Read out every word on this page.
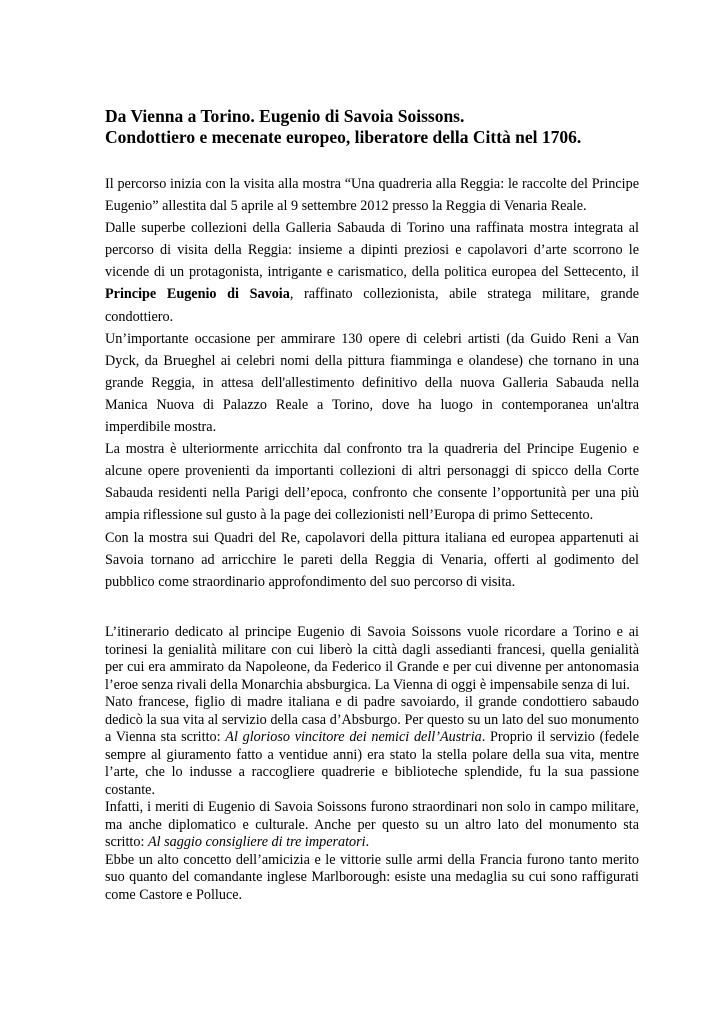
Da Vienna a Torino. Eugenio di Savoia Soissons.
Condottiero e mecenate europeo, liberatore della Città nel 1706.

Il percorso inizia con la visita alla mostra “Una quadreria alla Reggia: le raccolte del Principe Eugenio” allestita dal 5 aprile al 9 settembre 2012 presso la Reggia di Venaria Reale.

Dalle superbe collezioni della Galleria Sabauda di Torino una raffinata mostra integrata al percorso di visita della Reggia: insieme a dipinti preziosi e capolavori d’arte scorrono le vicende di un protagonista, intrigante e carismatico, della politica europea del Settecento, il Principe Eugenio di Savoia, raffinato collezionista, abile stratega militare, grande condottiero.

Un’importante occasione per ammirare 130 opere di celebri artisti (da Guido Reni a Van Dyck, da Brueghel ai celebri nomi della pittura fiamminga e olandese) che tornano in una grande Reggia, in attesa dell'allestimento definitivo della nuova Galleria Sabauda nella Manica Nuova di Palazzo Reale a Torino, dove ha luogo in contemporanea un'altra imperdibile mostra.

La mostra è ulteriormente arricchita dal confronto tra la quadreria del Principe Eugenio e alcune opere provenienti da importanti collezioni di altri personaggi di spicco della Corte Sabauda residenti nella Parigi dell’epoca, confronto che consente l’opportunità per una più ampia riflessione sul gusto à la page dei collezionisti nell’Europa di primo Settecento.

Con la mostra sui Quadri del Re, capolavori della pittura italiana ed europea appartenuti ai Savoia tornano ad arricchire le pareti della Reggia di Venaria, offerti al godimento del pubblico come straordinario approfondimento del suo percorso di visita.

L’itinerario dedicato al principe Eugenio di Savoia Soissons vuole ricordare a Torino e ai torinesi la genialità militare con cui liberò la città dagli assedianti francesi, quella genialità per cui era ammirato da Napoleone, da Federico il Grande e per cui divenne per antonomasia l’eroe senza rivali della Monarchia absburgica. La Vienna di oggi è impensabile senza di lui.

Nato francese, figlio di madre italiana e di padre savoiardo, il grande condottiero sabaudo dedicò la sua vita al servizio della casa d’Absburgo. Per questo su un lato del suo monumento a Vienna sta scritto: Al glorioso vincitore dei nemici dell’Austria. Proprio il servizio (fedele sempre al giuramento fatto a ventidue anni) era stato la stella polare della sua vita, mentre l’arte, che lo indusse a raccogliere quadrerie e biblioteche splendide, fu la sua passione costante.

Infatti, i meriti di Eugenio di Savoia Soissons furono straordinari non solo in campo militare, ma anche diplomatico e culturale. Anche per questo su un altro lato del monumento sta scritto: Al saggio consigliere di tre imperatori.

Ebbe un alto concetto dell’amicizia e le vittorie sulle armi della Francia furono tanto merito suo quanto del comandante inglese Marlborough: esiste una medaglia su cui sono raffigurati come Castore e Polluce.
